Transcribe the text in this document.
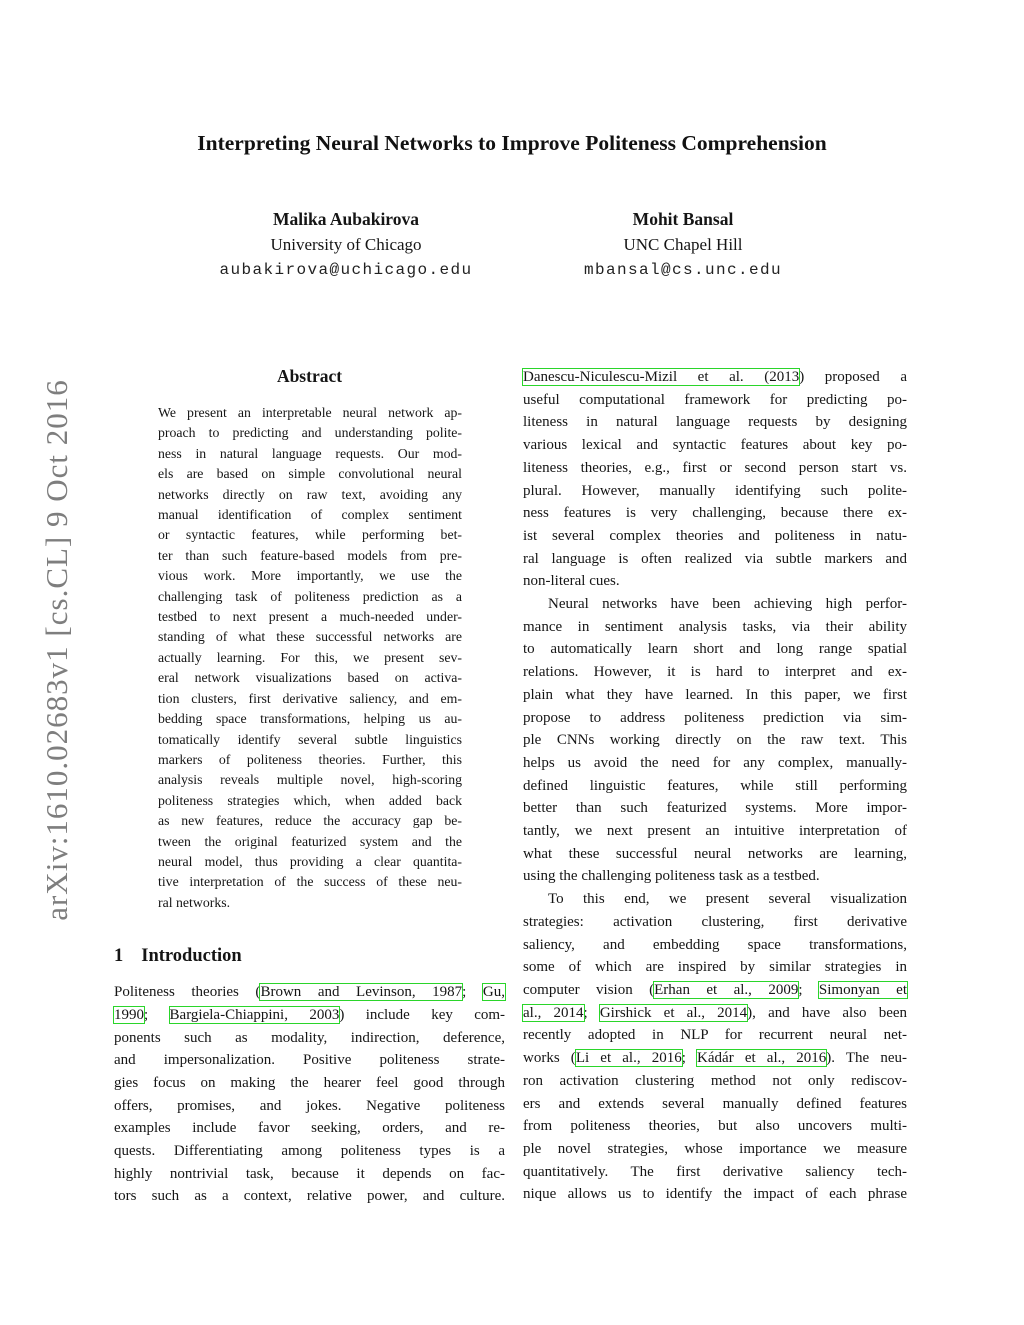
arXiv:1610.02683v1 [cs.CL] 9 Oct 2016
Interpreting Neural Networks to Improve Politeness Comprehension
Malika Aubakirova
University of Chicago
aubakirova@uchicago.edu
Mohit Bansal
UNC Chapel Hill
mbansal@cs.unc.edu
Abstract
We present an interpretable neural network ap-
proach to predicting and understanding polite-
ness in natural language requests. Our mod-
els are based on simple convolutional neural
networks directly on raw text, avoiding any
manual identification of complex sentiment
or syntactic features, while performing bet-
ter than such feature-based models from pre-
vious work. More importantly, we use the
challenging task of politeness prediction as a
testbed to next present a much-needed under-
standing of what these successful networks are
actually learning. For this, we present sev-
eral network visualizations based on activa-
tion clusters, first derivative saliency, and em-
bedding space transformations, helping us au-
tomatically identify several subtle linguistics
markers of politeness theories. Further, this
analysis reveals multiple novel, high-scoring
politeness strategies which, when added back
as new features, reduce the accuracy gap be-
tween the original featurized system and the
neural model, thus providing a clear quantita-
tive interpretation of the success of these neu-
ral networks.
1 Introduction
Politeness theories (Brown and Levinson, 1987; Gu,
1990; Bargiela-Chiappini, 2003) include key com-
ponents such as modality, indirection, deference,
and impersonalization. Positive politeness strate-
gies focus on making the hearer feel good through
offers, promises, and jokes. Negative politeness
examples include favor seeking, orders, and re-
quests. Differentiating among politeness types is a
highly nontrivial task, because it depends on fac-
tors such as a context, relative power, and culture.
Danescu-Niculescu-Mizil et al. (2013) proposed a
useful computational framework for predicting po-
liteness in natural language requests by designing
various lexical and syntactic features about key po-
liteness theories, e.g., first or second person start vs.
plural. However, manually identifying such polite-
ness features is very challenging, because there ex-
ist several complex theories and politeness in natu-
ral language is often realized via subtle markers and
non-literal cues.
Neural networks have been achieving high perfor-
mance in sentiment analysis tasks, via their ability
to automatically learn short and long range spatial
relations. However, it is hard to interpret and ex-
plain what they have learned. In this paper, we first
propose to address politeness prediction via sim-
ple CNNs working directly on the raw text. This
helps us avoid the need for any complex, manually-
defined linguistic features, while still performing
better than such featurized systems. More impor-
tantly, we next present an intuitive interpretation of
what these successful neural networks are learning,
using the challenging politeness task as a testbed.
To this end, we present several visualization
strategies: activation clustering, first derivative
saliency, and embedding space transformations,
some of which are inspired by similar strategies in
computer vision (Erhan et al., 2009; Simonyan et
al., 2014; Girshick et al., 2014), and have also been
recently adopted in NLP for recurrent neural net-
works (Li et al., 2016; Kádár et al., 2016). The neu-
ron activation clustering method not only rediscov-
ers and extends several manually defined features
from politeness theories, but also uncovers multi-
ple novel strategies, whose importance we measure
quantitatively. The first derivative saliency tech-
nique allows us to identify the impact of each phrase
